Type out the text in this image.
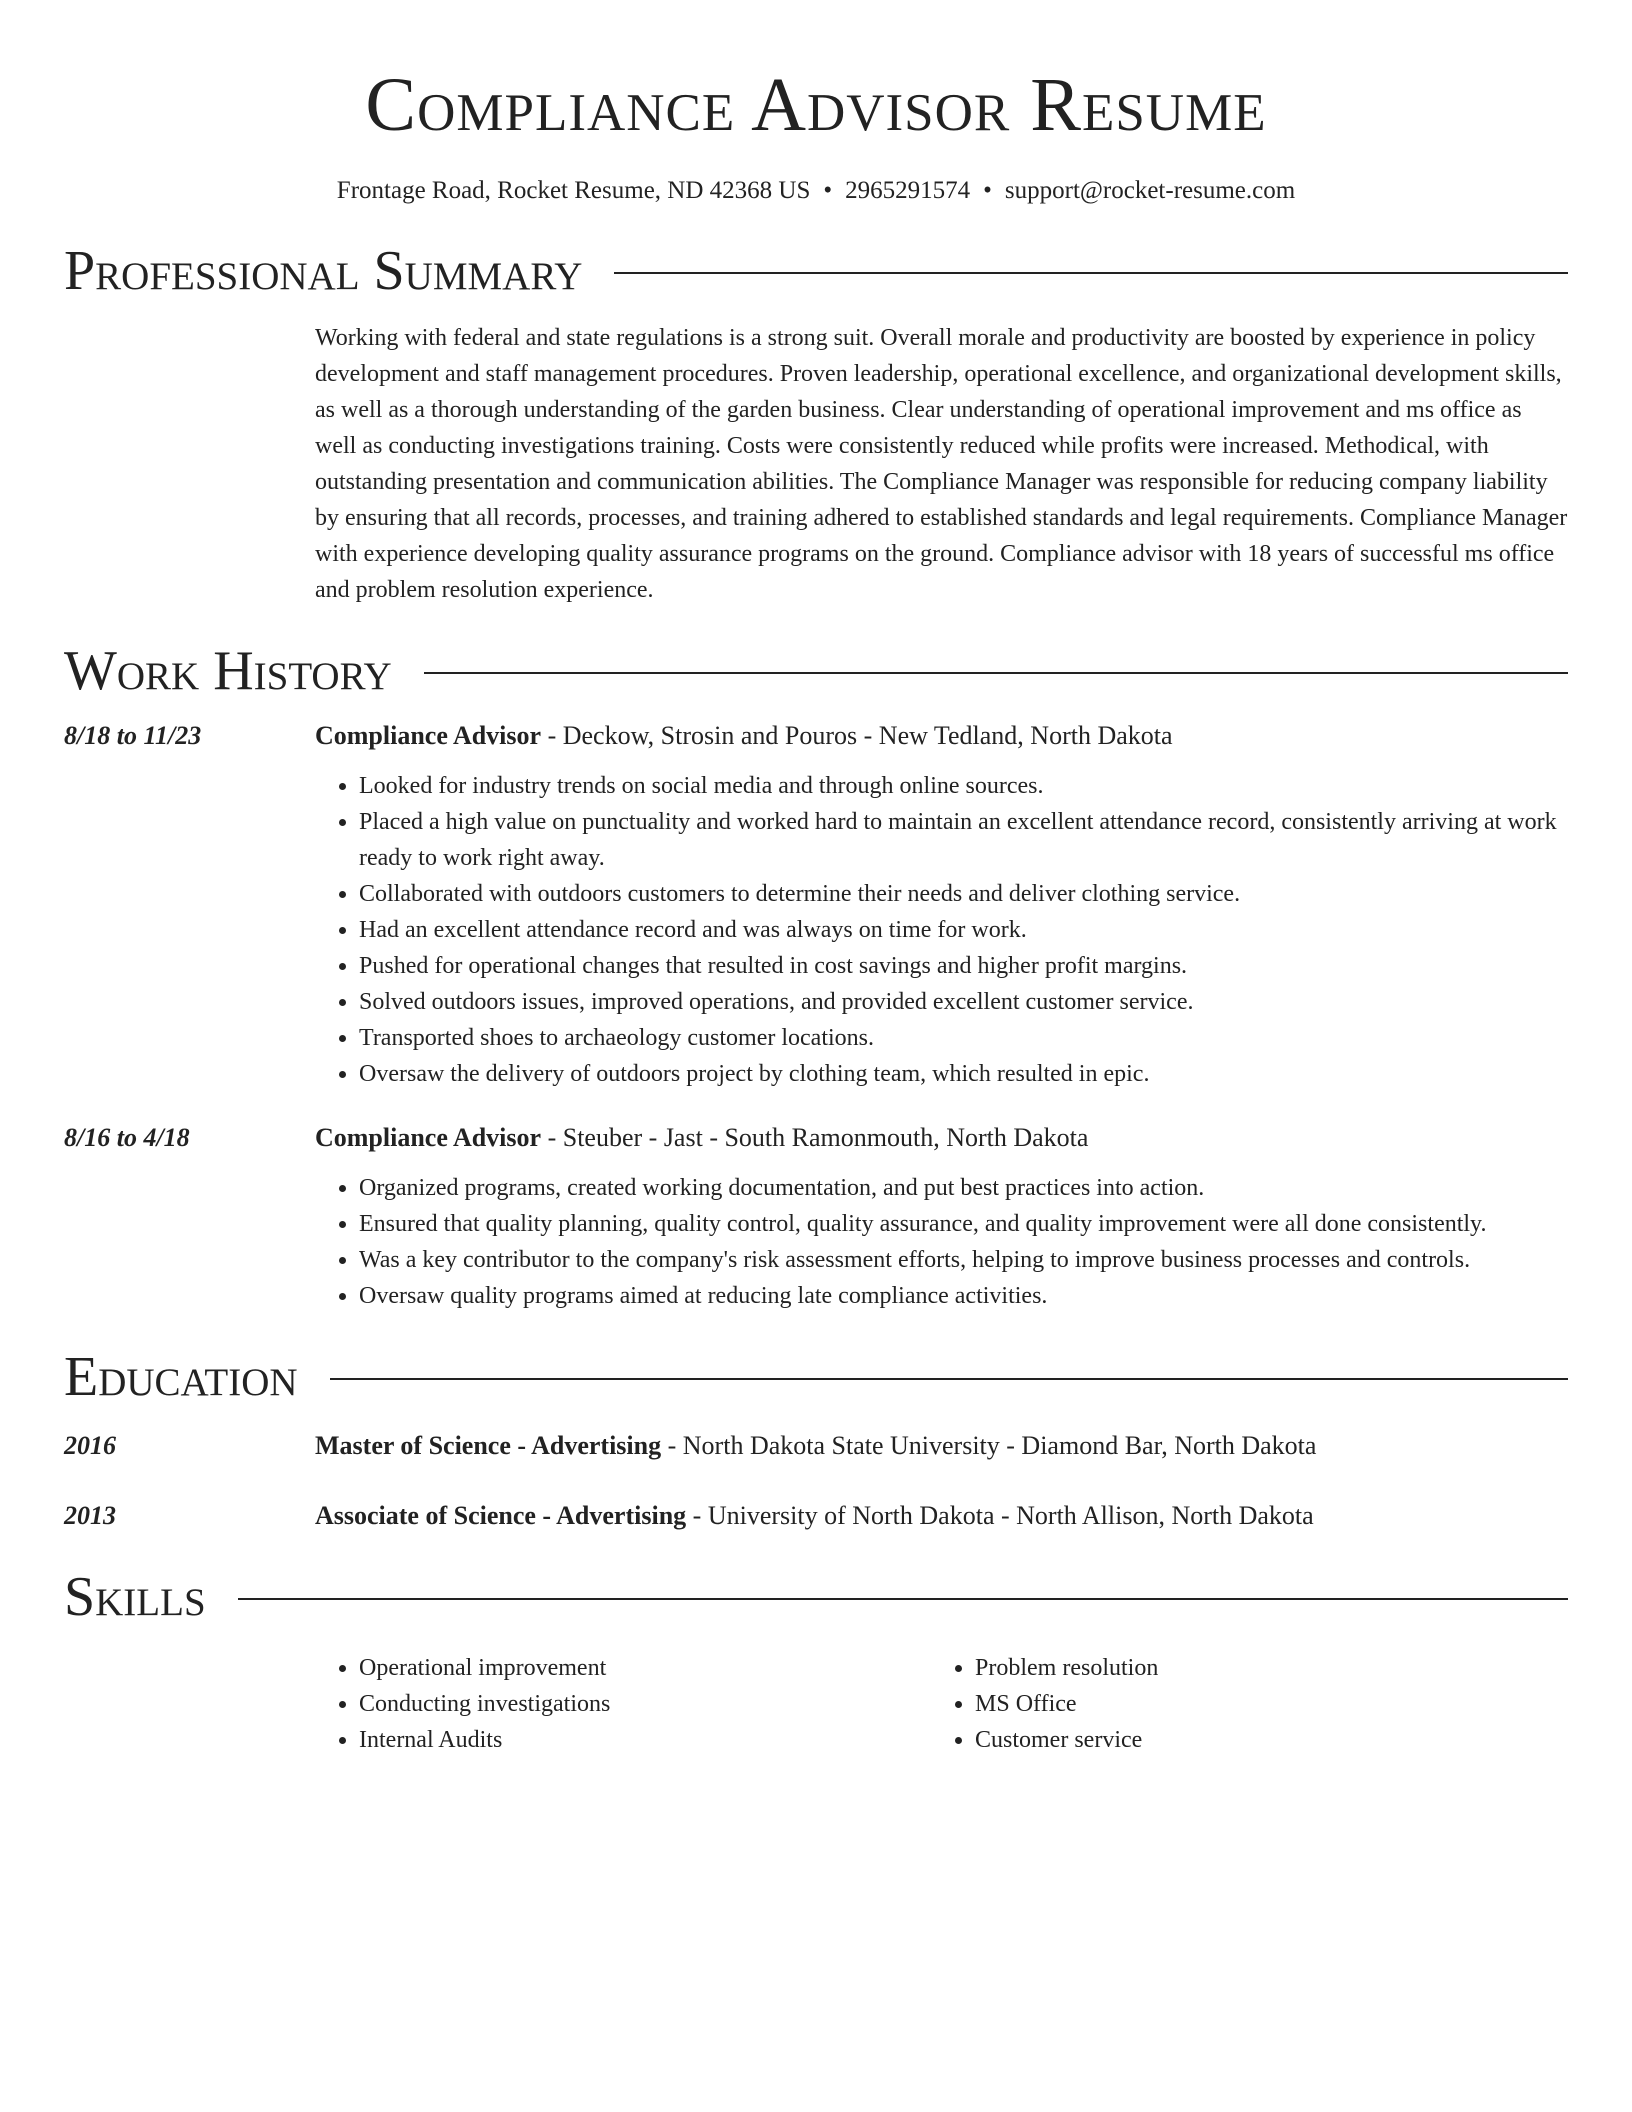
Compliance Advisor Resume
Frontage Road, Rocket Resume, ND 42368 US • 2965291574 • support@rocket-resume.com
Professional Summary

Working with federal and state regulations is a strong suit. Overall morale and productivity are boosted by experience in policy development and staff management procedures. Proven leadership, operational excellence, and organizational development skills, as well as a thorough understanding of the garden business. Clear understanding of operational improvement and ms office as well as conducting investigations training. Costs were consistently reduced while profits were increased. Methodical, with outstanding presentation and communication abilities. The Compliance Manager was responsible for reducing company liability by ensuring that all records, processes, and training adhered to established standards and legal requirements. Compliance Manager with experience developing quality assurance programs on the ground. Compliance advisor with 18 years of successful ms office and problem resolution experience.

Work History
8/18 to 11/23	Compliance Advisor - Deckow, Strosin and Pouros - New Tedland, North Dakota
• Looked for industry trends on social media and through online sources.
• Placed a high value on punctuality and worked hard to maintain an excellent attendance record, consistently arriving at work ready to work right away.
• Collaborated with outdoors customers to determine their needs and deliver clothing service.
• Had an excellent attendance record and was always on time for work.
• Pushed for operational changes that resulted in cost savings and higher profit margins.
• Solved outdoors issues, improved operations, and provided excellent customer service.
• Transported shoes to archaeology customer locations.
• Oversaw the delivery of outdoors project by clothing team, which resulted in epic.
8/16 to 4/18	Compliance Advisor - Steuber - Jast - South Ramonmouth, North Dakota
• Organized programs, created working documentation, and put best practices into action.
• Ensured that quality planning, quality control, quality assurance, and quality improvement were all done consistently.
• Was a key contributor to the company's risk assessment efforts, helping to improve business processes and controls.
• Oversaw quality programs aimed at reducing late compliance activities.
Education
2016	Master of Science - Advertising - North Dakota State University - Diamond Bar, North Dakota
2013	Associate of Science - Advertising - University of North Dakota - North Allison, North Dakota
Skills
• Operational improvement
• Conducting investigations
• Internal Audits
• Problem resolution
• MS Office
• Customer service
